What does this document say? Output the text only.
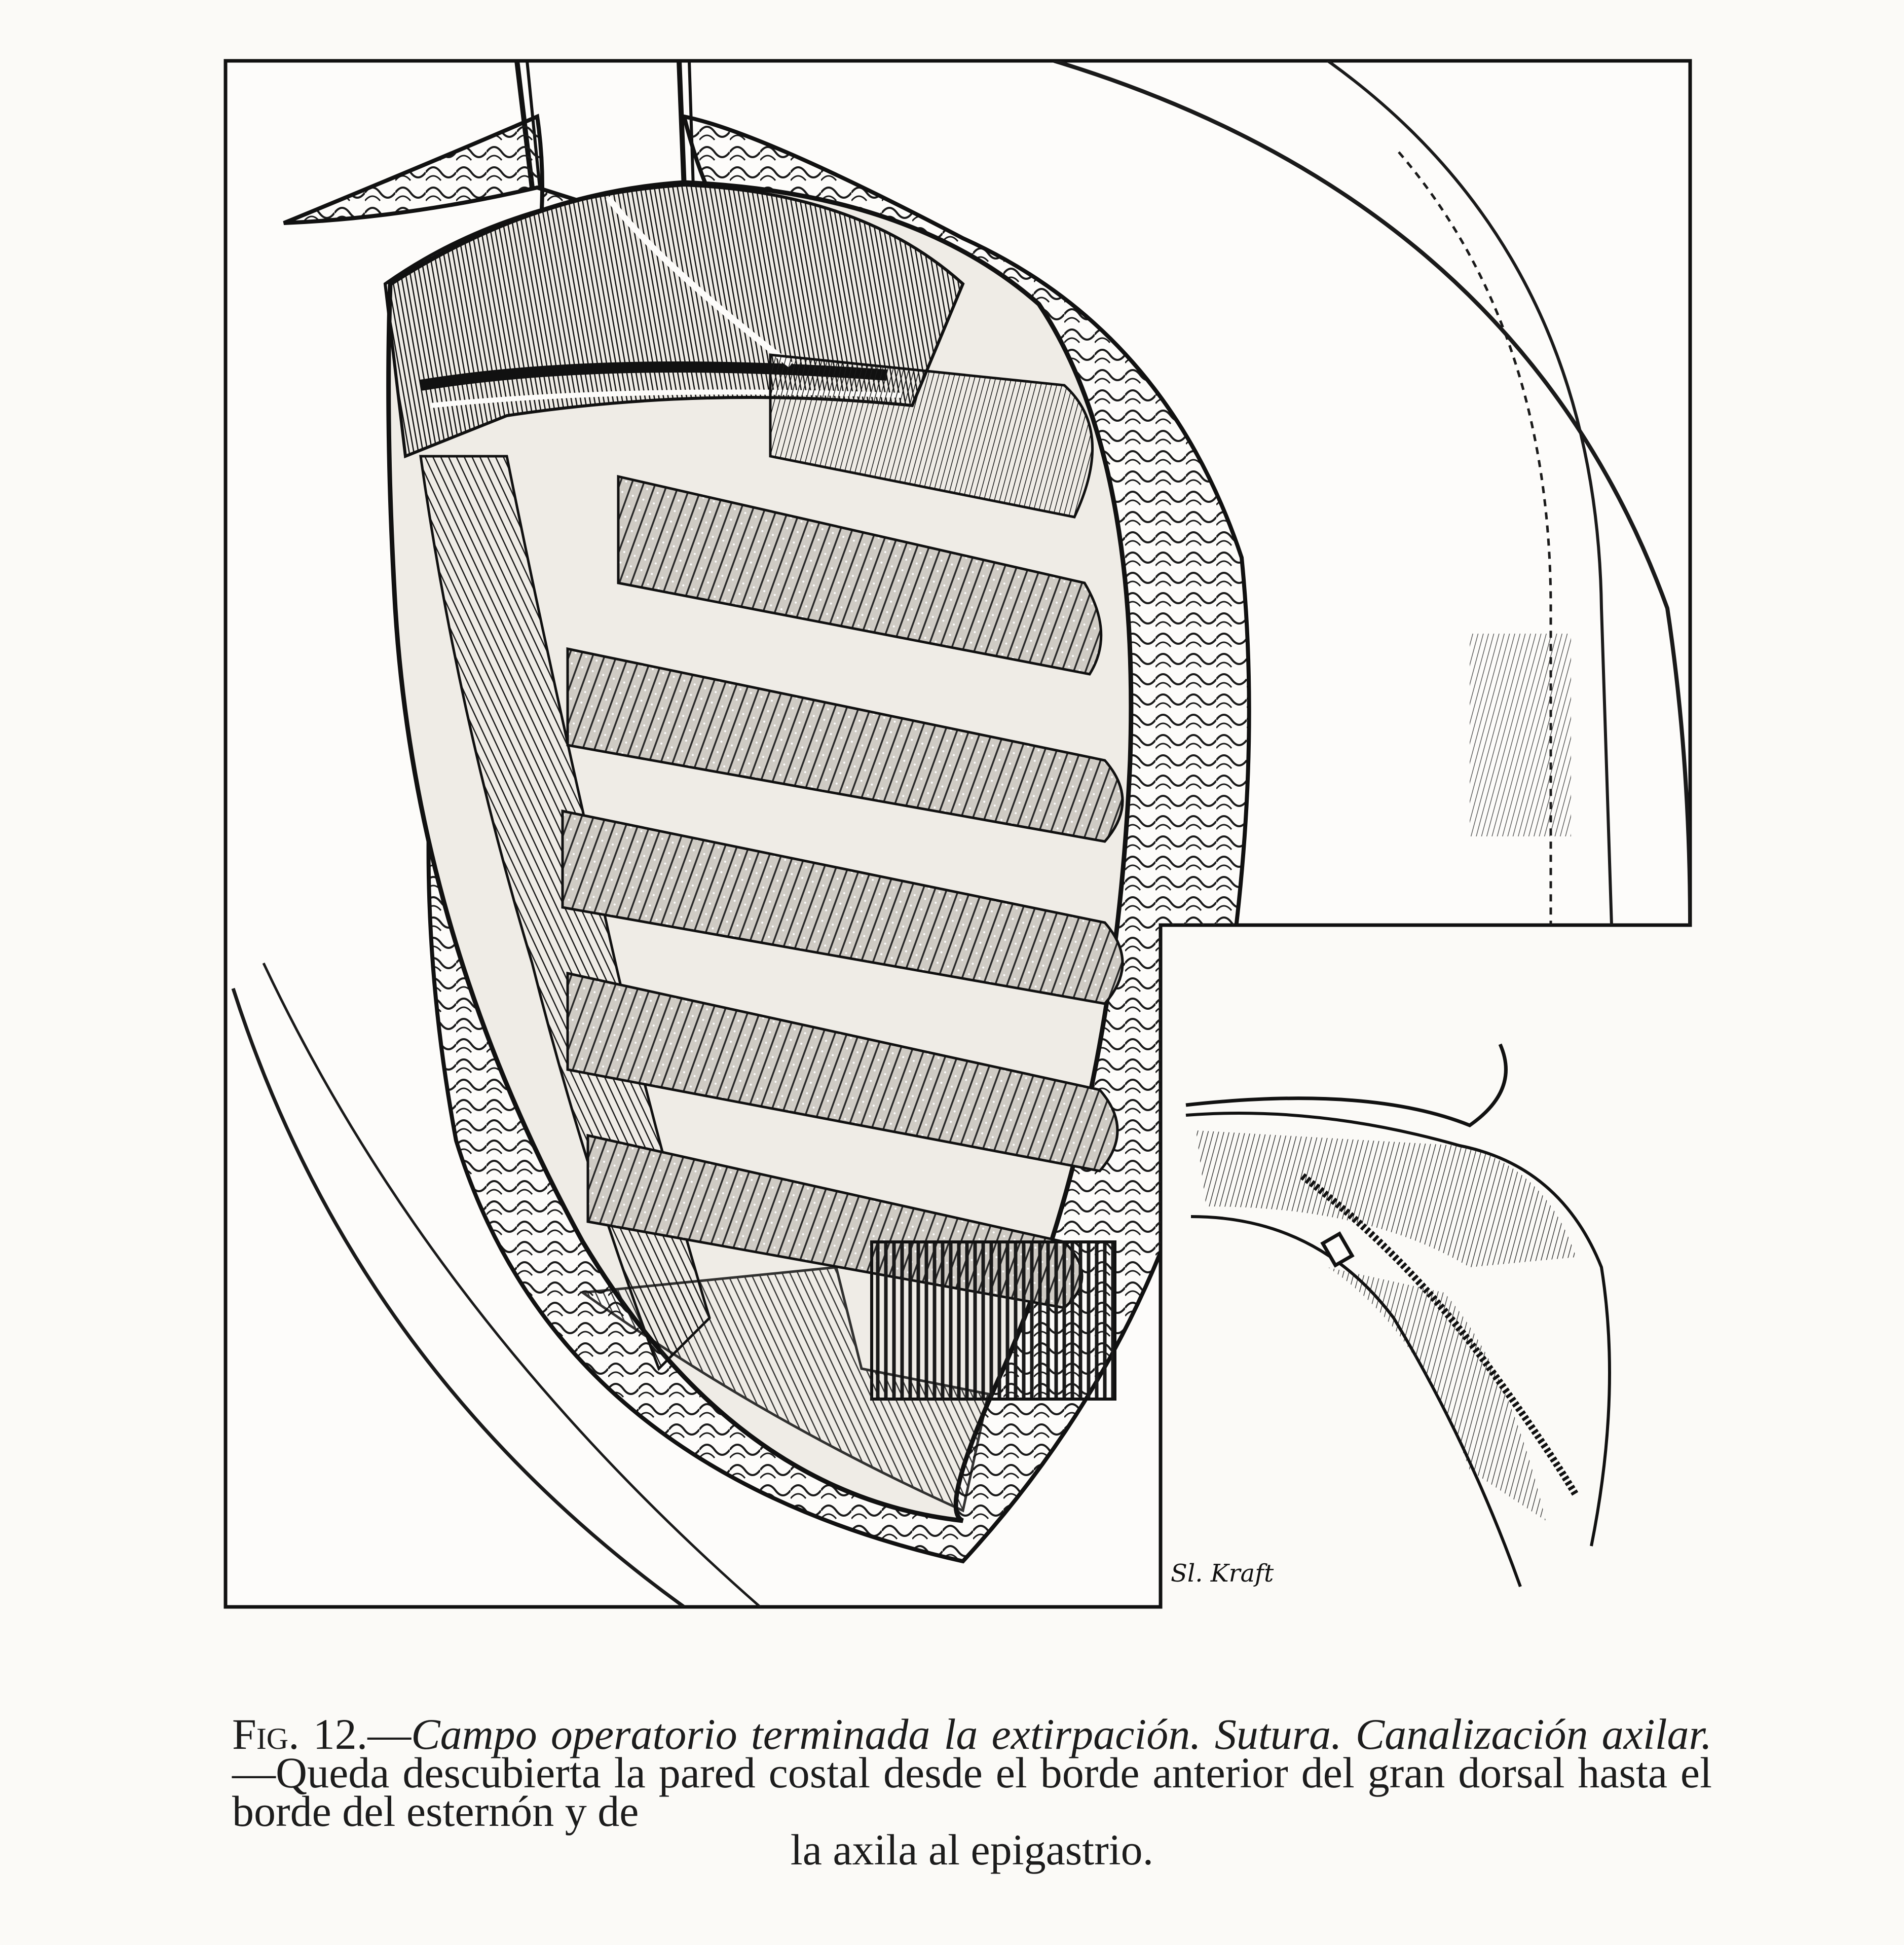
Sl. Kraft
Fig. 12.—Campo operatorio terminada la extirpación. Sutura. Canalización axilar.—Queda descubierta la pared costal desde el borde anterior del gran dorsal hasta el borde del esternón y de
la axila al epigastrio.
